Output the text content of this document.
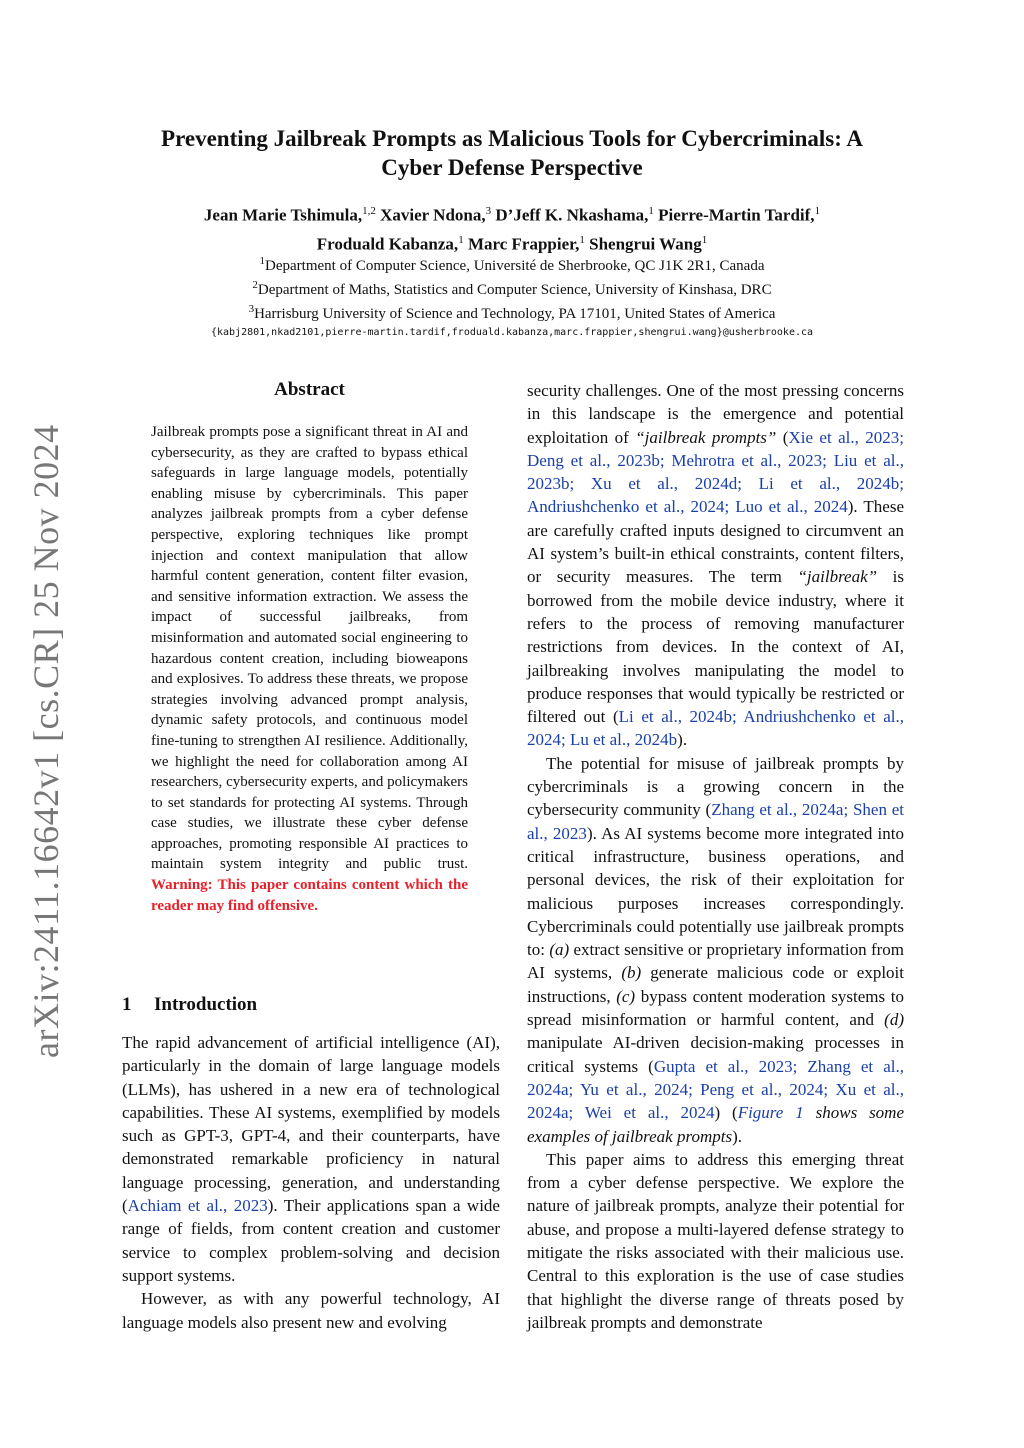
arXiv:2411.16642v1 [cs.CR] 25 Nov 2024
Preventing Jailbreak Prompts as Malicious Tools for Cybercriminals: A
Cyber Defense Perspective
Jean Marie Tshimula,$^{1,2}$ Xavier Ndona,$^3$ D’Jeff K. Nkashama,$^1$ Pierre-Martin Tardif,$^1$
Froduald Kabanza,$^1$ Marc Frappier,$^1$ Shengrui Wang$^1$
$^1$Department of Computer Science, Université de Sherbrooke, QC J1K 2R1, Canada
$^2$Department of Maths, Statistics and Computer Science, University of Kinshasa, DRC
$^3$Harrisburg University of Science and Technology, PA 17101, United States of America
{kabj2801,nkad2101,pierre-martin.tardif,froduald.kabanza,marc.frappier,shengrui.wang}@usherbrooke.ca
Abstract
Jailbreak prompts pose a significant threat in AI and cybersecurity, as they are crafted to bypass ethical safeguards in large language models, potentially enabling misuse by cybercriminals. This paper analyzes jailbreak prompts from a cyber defense perspective, exploring techniques like prompt injection and context manipulation that allow harmful content generation, content filter evasion, and sensitive information extraction. We assess the impact of successful jailbreaks, from misinformation and automated social engineering to hazardous content creation, including bioweapons and explosives. To address these threats, we propose strategies involving advanced prompt analysis, dynamic safety protocols, and continuous model fine-tuning to strengthen AI resilience. Additionally, we highlight the need for collaboration among AI researchers, cybersecurity experts, and policymakers to set standards for protecting AI systems. Through case studies, we illustrate these cyber defense approaches, promoting responsible AI practices to maintain system integrity and public trust. Warning: This paper contains content which the reader may find offensive.
1 Introduction

The rapid advancement of artificial intelligence (AI), particularly in the domain of large language models (LLMs), has ushered in a new era of technological capabilities. These AI systems, exemplified by models such as GPT-3, GPT-4, and their counterparts, have demonstrated remarkable proficiency in natural language processing, generation, and understanding (Achiam et al., 2023). Their applications span a wide range of fields, from content creation and customer service to complex problem-solving and decision support systems.

However, as with any powerful technology, AI language models also present new and evolving

security challenges. One of the most pressing concerns in this landscape is the emergence and potential exploitation of “jailbreak prompts” (Xie et al., 2023; Deng et al., 2023b; Mehrotra et al., 2023; Liu et al., 2023b; Xu et al., 2024d; Li et al., 2024b; Andriushchenko et al., 2024; Luo et al., 2024). These are carefully crafted inputs designed to circumvent an AI system’s built-in ethical constraints, content filters, or security measures. The term “jailbreak” is borrowed from the mobile device industry, where it refers to the process of removing manufacturer restrictions from devices. In the context of AI, jailbreaking involves manipulating the model to produce responses that would typically be restricted or filtered out (Li et al., 2024b; Andriushchenko et al., 2024; Lu et al., 2024b).

The potential for misuse of jailbreak prompts by cybercriminals is a growing concern in the cybersecurity community (Zhang et al., 2024a; Shen et al., 2023). As AI systems become more integrated into critical infrastructure, business operations, and personal devices, the risk of their exploitation for malicious purposes increases correspondingly. Cybercriminals could potentially use jailbreak prompts to: (a) extract sensitive or proprietary information from AI systems, (b) generate malicious code or exploit instructions, (c) bypass content moderation systems to spread misinformation or harmful content, and (d) manipulate AI-driven decision-making processes in critical systems (Gupta et al., 2023; Zhang et al., 2024a; Yu et al., 2024; Peng et al., 2024; Xu et al., 2024a; Wei et al., 2024) (Figure 1 shows some examples of jailbreak prompts).

This paper aims to address this emerging threat from a cyber defense perspective. We explore the nature of jailbreak prompts, analyze their potential for abuse, and propose a multi-layered defense strategy to mitigate the risks associated with their malicious use. Central to this exploration is the use of case studies that highlight the diverse range of threats posed by jailbreak prompts and demonstrate
